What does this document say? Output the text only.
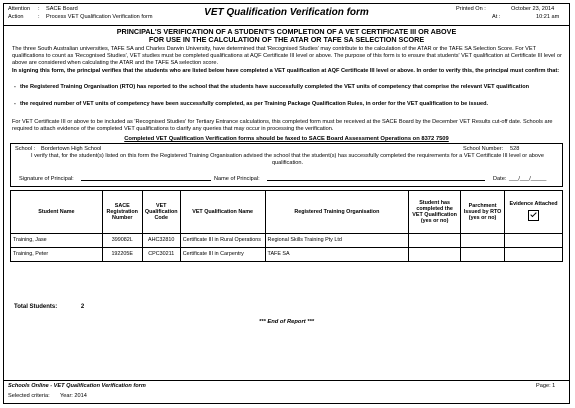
Attention : SACE Board
Action	: Process VET Qualification Verification form	VET Qualification Verification form	Printed On :	October 23, 2014
At :	10:21 am
PRINCIPAL'S VERIFICATION OF A STUDENT'S COMPLETION OF A VET CERTIFICATE III OR ABOVE
FOR USE IN THE CALCULATION OF THE ATAR OR TAFE SA SELECTION SCORE
The three South Australian universities, TAFE SA and Charles Darwin University, have determined that 'Recognised Studies' may contribute to the calculation of the ATAR or the TAFE SA Selection Score. For VET qualifications to count as 'Recognised Studies', VET studies must be completed qualifications at AQF Certificate III level or above. The purpose of this form is to ensure that students' VET qualification at Certificate III level or above are considered when calculating the ATAR and the TAFE SA selection score.
In signing this form, the principal verifies that the students who are listed below have completed a VET qualification at AQF Certificate III level or above. In order to verify this, the principal must confirm that:
- the Registered Training Organisation (RTO) has reported to the school that the students have successfully completed the VET units of competency that comprise the relevant VET qualification
- the required number of VET units of competency have been successfully completed, as per Training Package Qualification Rules, in order for the VET qualification to be issued.
For VET Certificate III or above to be included as 'Recognised Studies' for Tertiary Entrance calculations, this completed form must be received at the SACE Board by the December VET Results cut-off date. Schools are required to attach evidence of the completed VET qualifications to clarify any queries that may occur in processing the verification.
Completed VET Qualification Verification forms should be faxed to SACE Board Assessment Operations on 8372 7509
School : Bordertown High School	School Number: 528
I verify that, for the student(s) listed on this form the Registered Training Organisation advised the school that the student(s) has successfully completed the requirements for a VET Certificate III level or above qualification.
Signature of Principal:	Name of Principal:	Date: ___/___/_____
Student Name	SACE Registration Number	VET Qualification Code	VET Qualification Name	Registered Training Organisation	Student has completed the VET Qualification (yes or no)	Parchment Issued by RTO (yes or no)	Evidence Attached

Training, Jase	399082L	AHC32810	Certificate III in Rural Operations	Regional Skills Training Pty Ltd			
Training, Peter	192205E	CPC30211	Certificate III in Carpentry	TAFE SA			
Total Students:	2
*** End of Report ***
Schools Online - VET Qualification Verification form	Page: 1
Selected criteria: Year: 2014
